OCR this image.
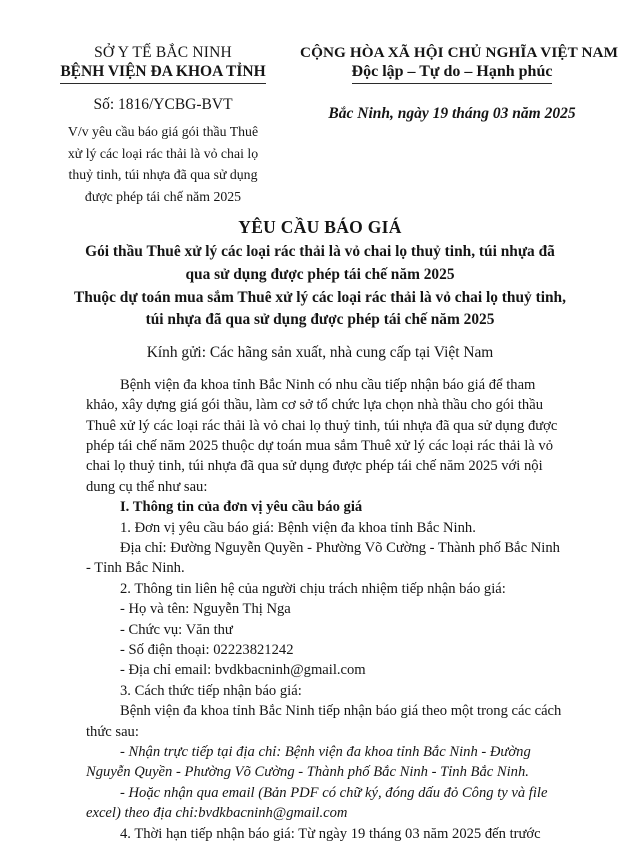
SỞ Y TẾ BẮC NINH
BỆNH VIỆN ĐA KHOA TỈNH
Số: 1816/YCBG-BVT
V/v yêu cầu báo giá gói thầu Thuê
xử lý các loại rác thải là vỏ chai lọ
thuỷ tinh, túi nhựa đã qua sử dụng
được phép tái chế năm 2025
CỘNG HÒA XÃ HỘI CHỦ NGHĨA VIỆT NAM
Độc lập – Tự do – Hạnh phúc
Bắc Ninh, ngày 19 tháng 03 năm 2025
YÊU CẦU BÁO GIÁ
Gói thầu Thuê xử lý các loại rác thải là vỏ chai lọ thuỷ tinh, túi nhựa đã
qua sử dụng được phép tái chế năm 2025
Thuộc dự toán mua sắm Thuê xử lý các loại rác thải là vỏ chai lọ thuỷ tinh,
túi nhựa đã qua sử dụng được phép tái chế năm 2025
Kính gửi: Các hãng sản xuất, nhà cung cấp tại Việt Nam
Bệnh viện đa khoa tỉnh Bắc Ninh có nhu cầu tiếp nhận báo giá để tham
khảo, xây dựng giá gói thầu, làm cơ sở tổ chức lựa chọn nhà thầu cho gói thầu
Thuê xử lý các loại rác thải là vỏ chai lọ thuỷ tinh, túi nhựa đã qua sử dụng được
phép tái chế năm 2025 thuộc dự toán mua sắm Thuê xử lý các loại rác thải là vỏ
chai lọ thuỷ tinh, túi nhựa đã qua sử dụng được phép tái chế năm 2025 với nội
dung cụ thể như sau:
I. Thông tin của đơn vị yêu cầu báo giá
1. Đơn vị yêu cầu báo giá: Bệnh viện đa khoa tỉnh Bắc Ninh.
Địa chỉ: Đường Nguyễn Quyền - Phường Võ Cường - Thành phố Bắc Ninh
- Tỉnh Bắc Ninh.
2. Thông tin liên hệ của người chịu trách nhiệm tiếp nhận báo giá:
- Họ và tên: Nguyễn Thị Nga
- Chức vụ: Văn thư
- Số điện thoại: 02223821242
- Địa chỉ email: bvdkbacninh@gmail.com
3. Cách thức tiếp nhận báo giá:
Bệnh viện đa khoa tỉnh Bắc Ninh tiếp nhận báo giá theo một trong các cách
thức sau:
- Nhận trực tiếp tại địa chỉ: Bệnh viện đa khoa tỉnh Bắc Ninh - Đường
Nguyễn Quyền - Phường Võ Cường - Thành phố Bắc Ninh - Tỉnh Bắc Ninh.
- Hoặc nhận qua email (Bản PDF có chữ ký, đóng dấu đỏ Công ty và file
excel) theo địa chỉ:bvdkbacninh@gmail.com
4. Thời hạn tiếp nhận báo giá: Từ ngày 19 tháng 03 năm 2025 đến trước
